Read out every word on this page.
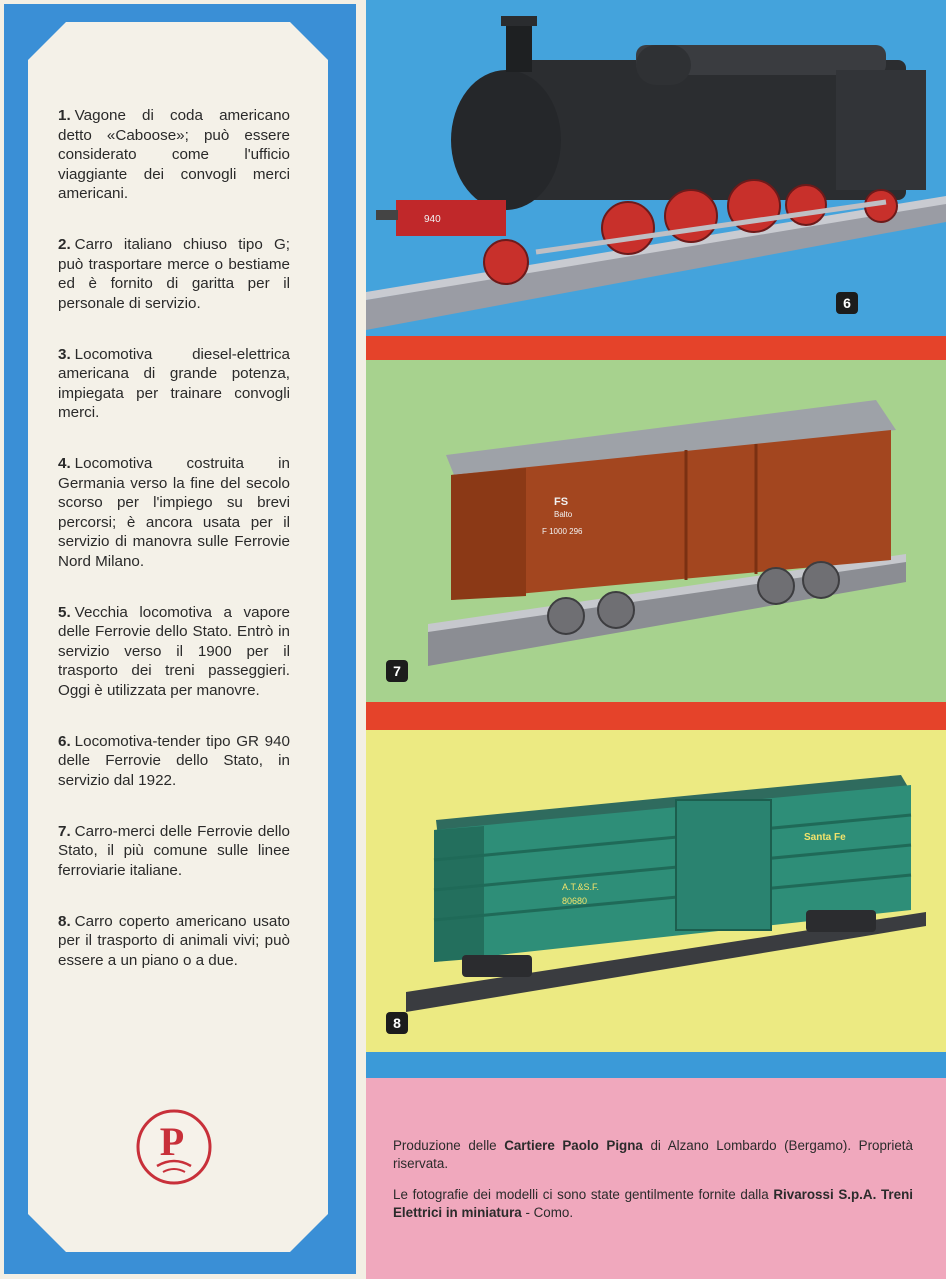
1. Vagone di coda americano detto «Caboose»; può essere considerato come l'ufficio viaggiante dei convogli merci americani.

2. Carro italiano chiuso tipo G; può trasportare merce o bestiame ed è fornito di garitta per il personale di servizio.

3. Locomotiva diesel-elettrica americana di grande potenza, impiegata per trainare convogli merci.

4. Locomotiva costruita in Germania verso la fine del secolo scorso per l'impiego su brevi percorsi; è ancora usata per il servizio di manovra sulle Ferrovie Nord Milano.

5. Vecchia locomotiva a vapore delle Ferrovie dello Stato. Entrò in servizio verso il 1900 per il trasporto dei treni passeggieri. Oggi è utilizzata per manovre.

6. Locomotiva-tender tipo GR 940 delle Ferrovie dello Stato, in servizio dal 1922.

7. Carro-merci delle Ferrovie dello Stato, il più comune sulle linee ferroviarie italiane.

8. Carro coperto americano usato per il trasporto di animali vivi; può essere a un piano o a due.

P
940
6
FS
Balto
F 1000 296
7
Santa Fe
A.T.&S.F.
80680
8

Produzione delle Cartiere Paolo Pigna di Alzano Lombardo (Bergamo). Proprietà riservata.

Le fotografie dei modelli ci sono state gentilmente fornite dalla Rivarossi S.p.A. Treni Elettrici in miniatura - Como.
